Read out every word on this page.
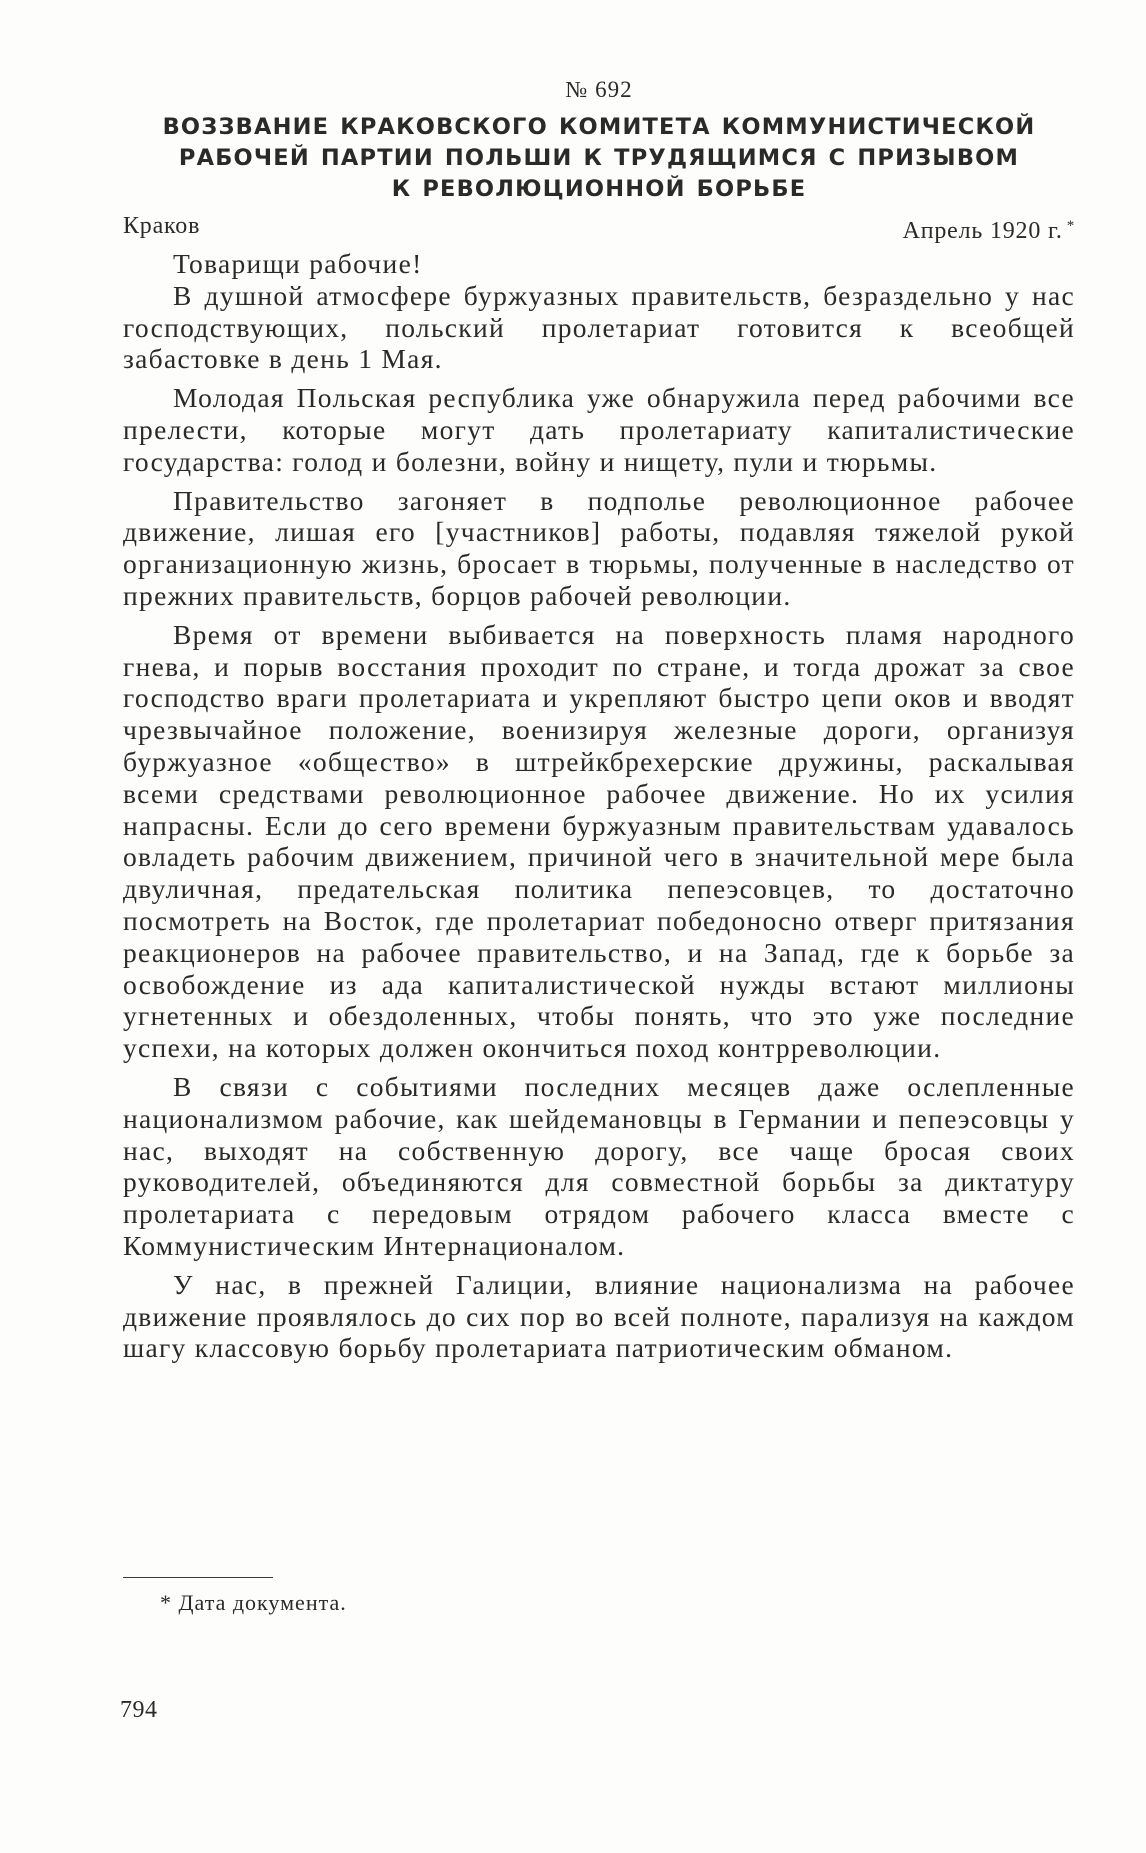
№ 692
ВОЗЗВАНИЕ КРАКОВСКОГО КОМИТЕТА КОММУНИСТИЧЕСКОЙ
РАБОЧЕЙ ПАРТИИ ПОЛЬШИ К ТРУДЯЩИМСЯ С ПРИЗЫВОМ
К РЕВОЛЮЦИОННОЙ БОРЬБЕ
Краков	Апрель 1920 г. *

Товарищи рабочие!

В душной атмосфере буржуазных правительств, безраздельно у нас господствующих, польский пролетариат готовится к всеобщей забастовке в день 1 Мая.

Молодая Польская республика уже обнаружила перед рабочими все прелести, которые могут дать пролетариату капиталистические государства: голод и болезни, войну и нищету, пули и тюрьмы.

Правительство загоняет в подполье революционное рабочее движение, лишая его [участников] работы, подавляя тяжелой рукой организационную жизнь, бросает в тюрьмы, полученные в наследство от прежних правительств, борцов рабочей революции.

Время от времени выбивается на поверхность пламя народного гнева, и порыв восстания проходит по стране, и тогда дрожат за свое господство враги пролетариата и укрепляют быстро цепи оков и вводят чрезвычайное положение, военизируя железные дороги, организуя буржуазное «общество» в штрейкбрехерские дружины, раскалывая всеми средствами революционное рабочее движение. Но их усилия напрасны. Если до сего времени буржуазным правительствам удавалось овладеть рабочим движением, причиной чего в значительной мере была двуличная, предательская политика пепеэсовцев, то достаточно посмотреть на Восток, где пролетариат победоносно отверг притязания реакционеров на рабочее правительство, и на Запад, где к борьбе за освобождение из ада капиталистической нужды встают миллионы угнетенных и обездоленных, чтобы понять, что это уже последние успехи, на которых должен окончиться поход контрреволюции.

В связи с событиями последних месяцев даже ослепленные национализмом рабочие, как шейдемановцы в Германии и пепеэсовцы у нас, выходят на собственную дорогу, все чаще бросая своих руководителей, объединяются для совместной борьбы за диктатуру пролетариата с передовым отрядом рабочего класса вместе с Коммунистическим Интернационалом.

У нас, в прежней Галиции, влияние национализма на рабочее движение проявлялось до сих пор во всей полноте, парализуя на каждом шагу классовую борьбу пролетариата патриотическим обманом.

* Дата документа.
794
